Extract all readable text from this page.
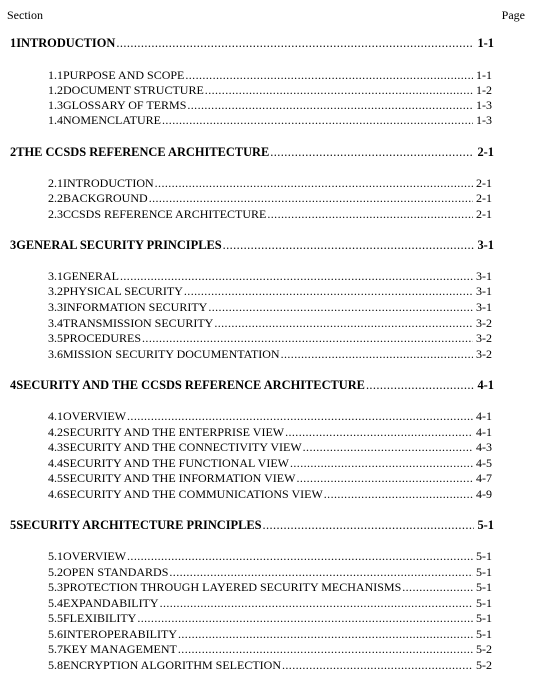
Section	Page
1 INTRODUCTION .....	1-1
1.1 PURPOSE AND SCOPE .....	1-1
1.2 DOCUMENT STRUCTURE .....	1-2
1.3 GLOSSARY OF TERMS .....	1-3
1.4 NOMENCLATURE .....	1-3
2 THE CCSDS REFERENCE ARCHITECTURE .....	2-1
2.1 INTRODUCTION .....	2-1
2.2 BACKGROUND .....	2-1
2.3 CCSDS REFERENCE ARCHITECTURE .....	2-1
3 GENERAL SECURITY PRINCIPLES .....	3-1
3.1 GENERAL .....	3-1
3.2 PHYSICAL SECURITY .....	3-1
3.3 INFORMATION SECURITY .....	3-1
3.4 TRANSMISSION SECURITY .....	3-2
3.5 PROCEDURES .....	3-2
3.6 MISSION SECURITY DOCUMENTATION .....	3-2
4 SECURITY AND THE CCSDS REFERENCE ARCHITECTURE .....	4-1
4.1 OVERVIEW .....	4-1
4.2 SECURITY AND THE ENTERPRISE VIEW .....	4-1
4.3 SECURITY AND THE CONNECTIVITY VIEW .....	4-3
4.4 SECURITY AND THE FUNCTIONAL VIEW .....	4-5
4.5 SECURITY AND THE INFORMATION VIEW .....	4-7
4.6 SECURITY AND THE COMMUNICATIONS VIEW .....	4-9
5 SECURITY ARCHITECTURE PRINCIPLES .....	5-1
5.1 OVERVIEW .....	5-1
5.2 OPEN STANDARDS .....	5-1
5.3 PROTECTION THROUGH LAYERED SECURITY MECHANISMS .....	5-1
5.4 EXPANDABILITY .....	5-1
5.5 FLEXIBILITY .....	5-1
5.6 INTEROPERABILITY .....	5-1
5.7 KEY MANAGEMENT .....	5-2
5.8 ENCRYPTION ALGORITHM SELECTION .....	5-2
